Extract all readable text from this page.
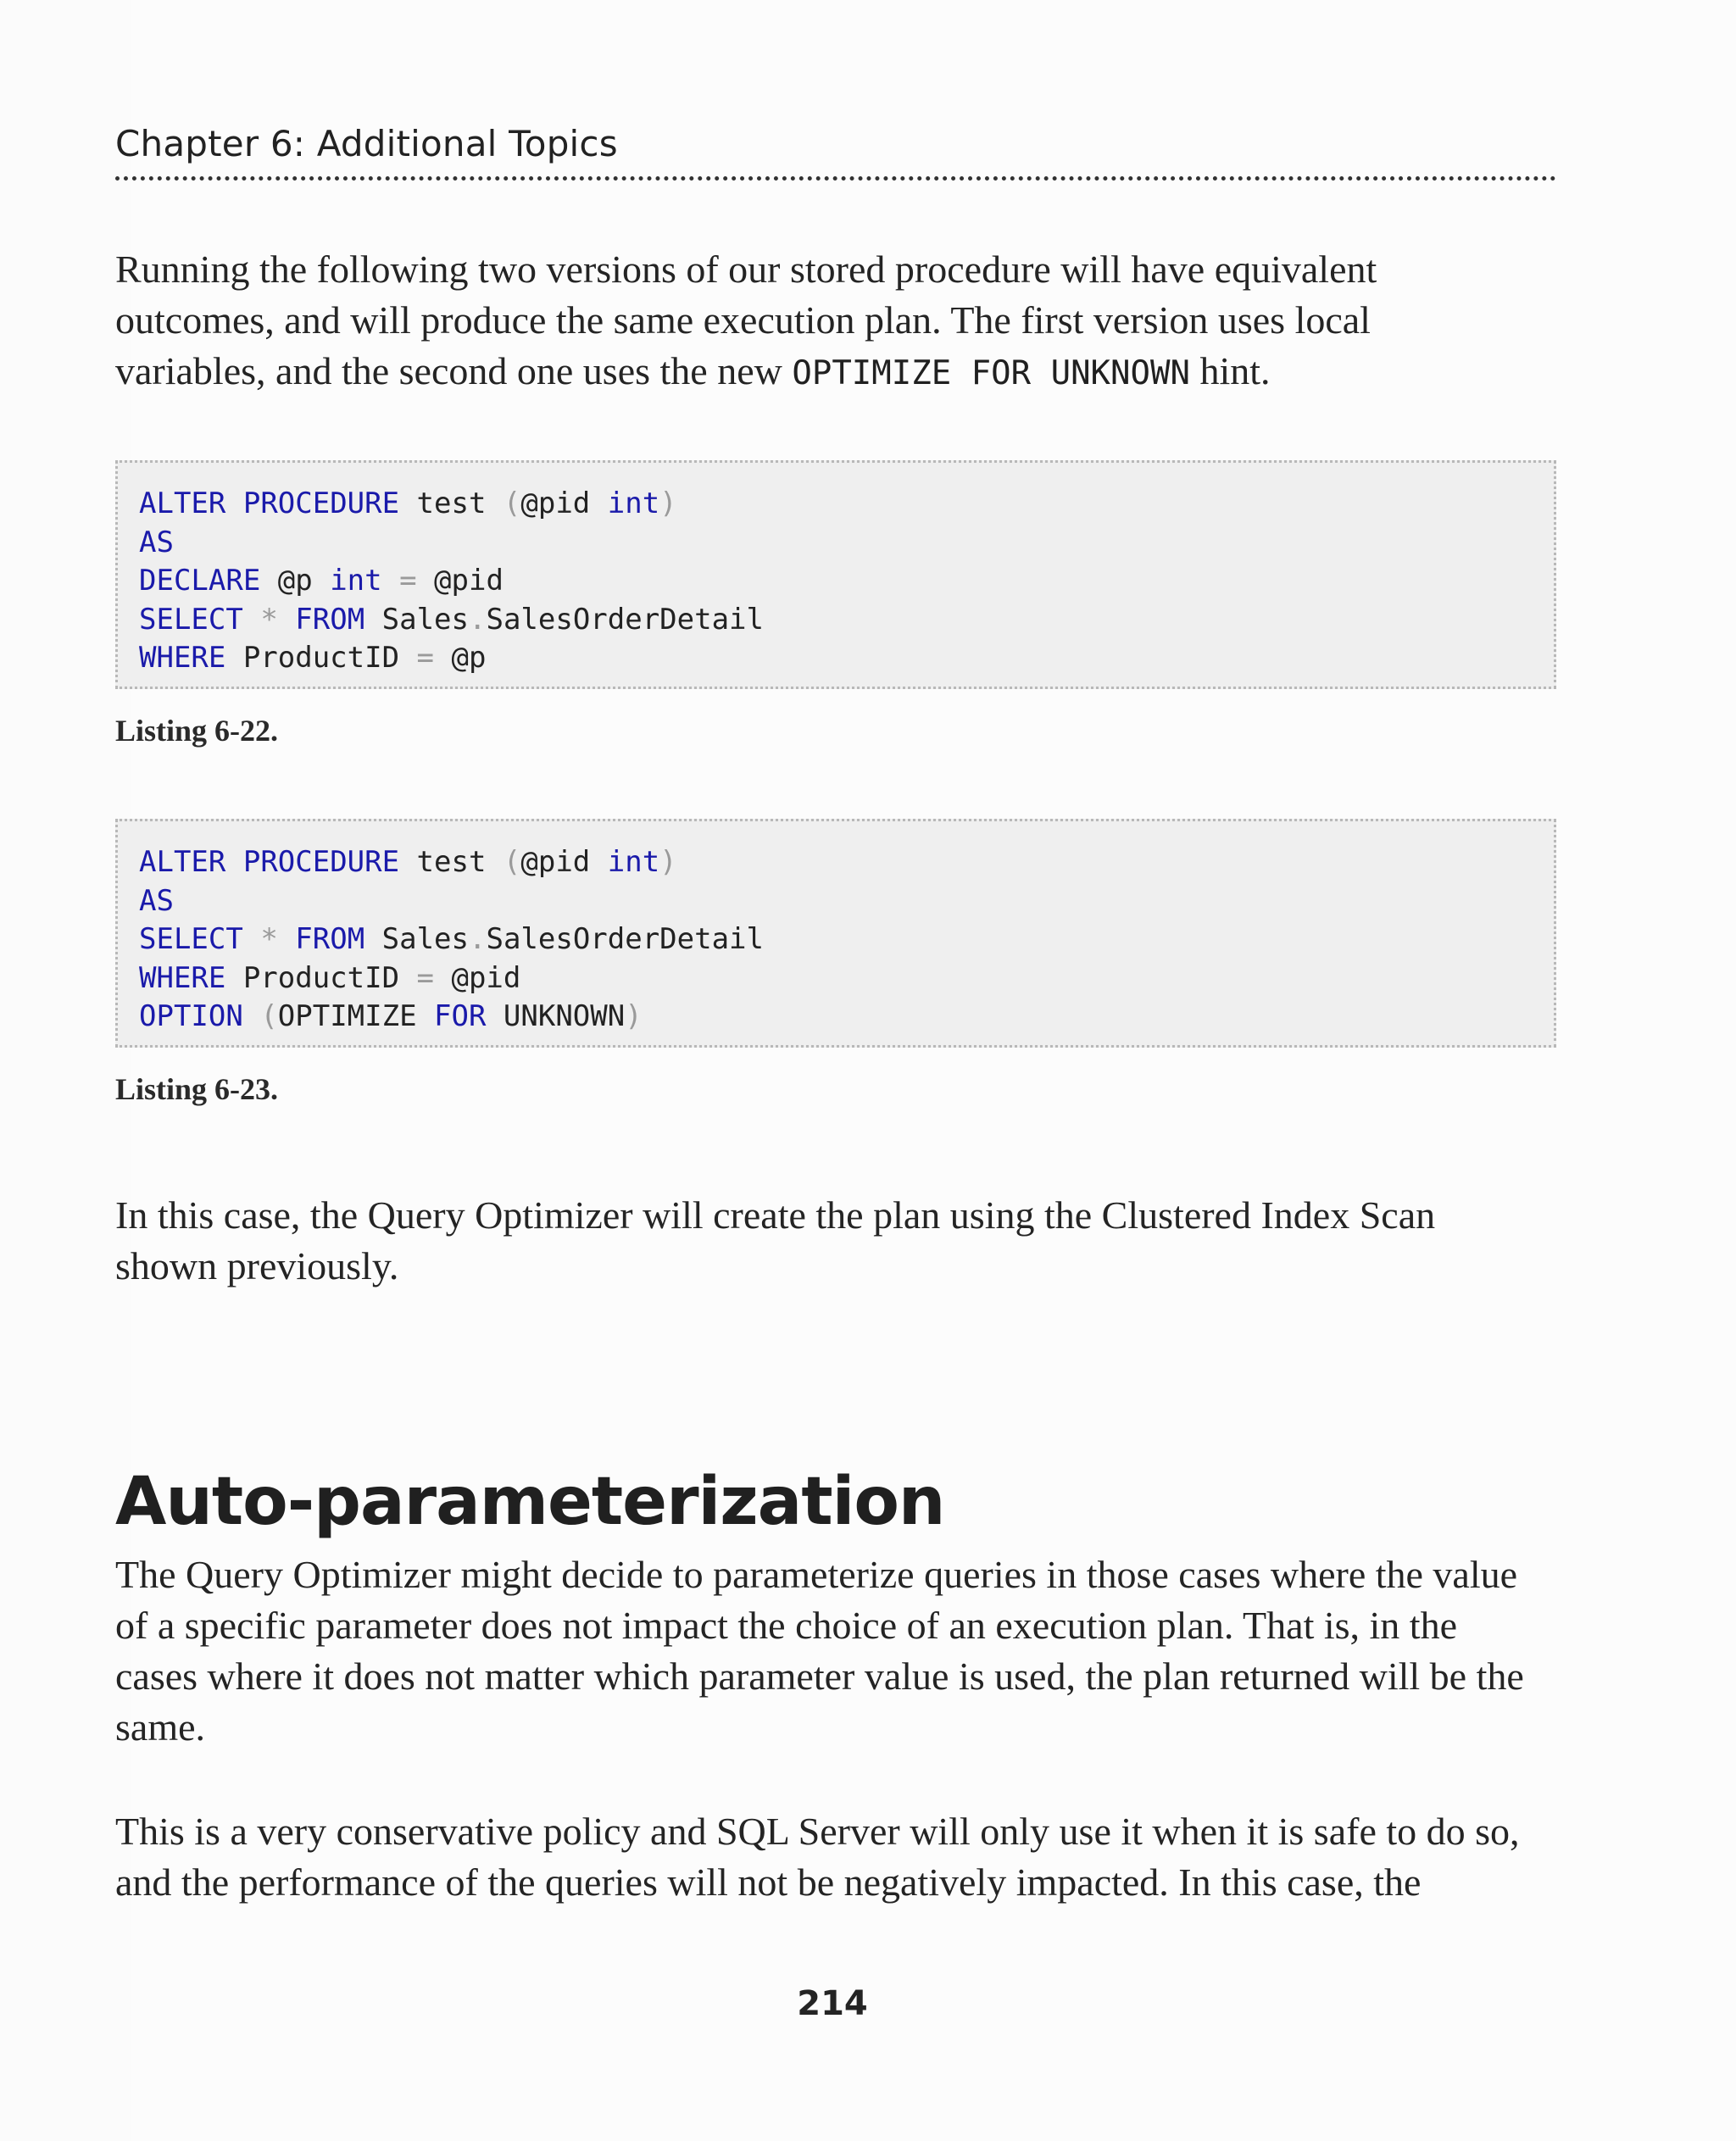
Chapter 6: Additional Topics

Running the following two versions of our stored procedure will have equivalent outcomes, and will produce the same execution plan. The first version uses local variables, and the second one uses the new OPTIMIZE FOR UNKNOWN hint.

ALTER PROCEDURE test (@pid int)
AS
DECLARE @p int = @pid
SELECT * FROM Sales.SalesOrderDetail
WHERE ProductID = @p
Listing 6-22.
ALTER PROCEDURE test (@pid int)
AS
SELECT * FROM Sales.SalesOrderDetail
WHERE ProductID = @pid
OPTION (OPTIMIZE FOR UNKNOWN)
Listing 6-23.

In this case, the Query Optimizer will create the plan using the Clustered Index Scan shown previously.

Auto-parameterization

The Query Optimizer might decide to parameterize queries in those cases where the value of a specific parameter does not impact the choice of an execution plan. That is, in the cases where it does not matter which parameter value is used, the plan returned will be the same.

This is a very conservative policy and SQL Server will only use it when it is safe to do so, and the performance of the queries will not be negatively impacted. In this case, the

214
